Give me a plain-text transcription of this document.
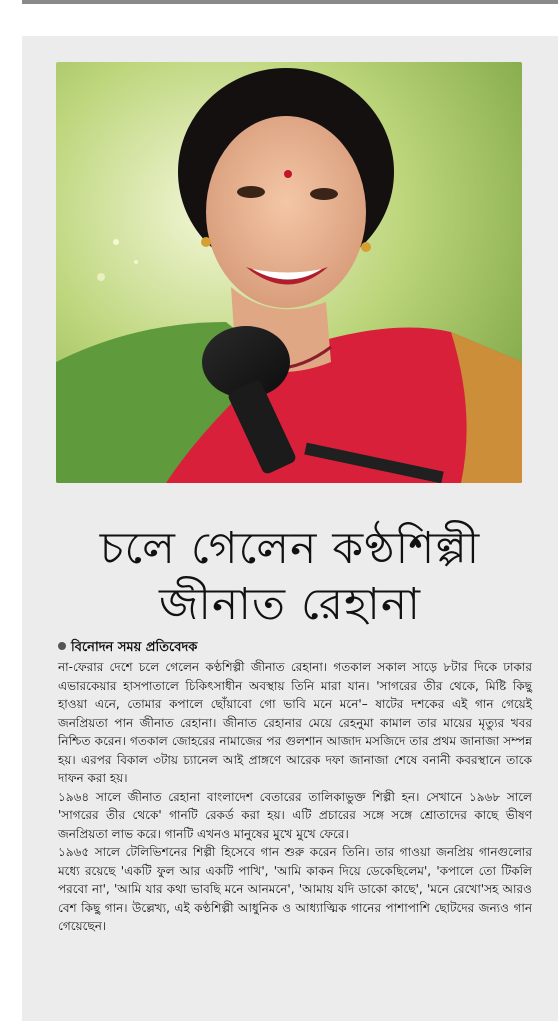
চলে গেলেন কণ্ঠশিল্পী
জীনাত রেহানা
বিনোদন সময় প্রতিবেদক

না-ফেরার দেশে চলে গেলেন কণ্ঠশিল্পী জীনাত রেহানা। গতকাল সকাল সাড়ে ৮টার দিকে ঢাকার এভারকেয়ার হাসপাতালে চিকিৎসাধীন অবস্থায় তিনি মারা যান। 'সাগরের তীর থেকে, মিষ্টি কিছু হাওয়া এনে, তোমার কপালে ছোঁয়াবো গো ভাবি মনে মনে'– ষাটের দশকের এই গান গেয়েই জনপ্রিয়তা পান জীনাত রেহানা। জীনাত রেহানার মেয়ে রেহনুমা কামাল তার মায়ের মৃত্যুর খবর নিশ্চিত করেন। গতকাল জোহরের নামাজের পর গুলশান আজাদ মসজিদে তার প্রথম জানাজা সম্পন্ন হয়। এরপর বিকাল ৩টায় চ্যানেল আই প্রাঙ্গণে আরেক দফা জানাজা শেষে বনানী কবরস্থানে তাকে দাফন করা হয়।

১৯৬৪ সালে জীনাত রেহানা বাংলাদেশ বেতারের তালিকাভুক্ত শিল্পী হন। সেখানে ১৯৬৮ সালে 'সাগরের তীর থেকে' গানটি রেকর্ড করা হয়। এটি প্রচারের সঙ্গে সঙ্গে শ্রোতাদের কাছে ভীষণ জনপ্রিয়তা লাভ করে। গানটি এখনও মানুষের মুখে মুখে ফেরে।

১৯৬৫ সালে টেলিভিশনের শিল্পী হিসেবে গান শুরু করেন তিনি। তার গাওয়া জনপ্রিয় গানগুলোর মধ্যে রয়েছে 'একটি ফুল আর একটি পাখি', 'আমি কাকন দিয়ে ডেকেছিলেম', 'কপালে তো টিকলি পরবো না', 'আমি যার কথা ভাবছি মনে আনমনে', 'আমায় যদি ডাকো কাছে', 'মনে রেখো'সহ আরও বেশ কিছু গান। উল্লেখ্য, এই কণ্ঠশিল্পী আধুনিক ও আধ্যাত্মিক গানের পাশাপাশি ছোটদের জন্যও গান গেয়েছেন।
